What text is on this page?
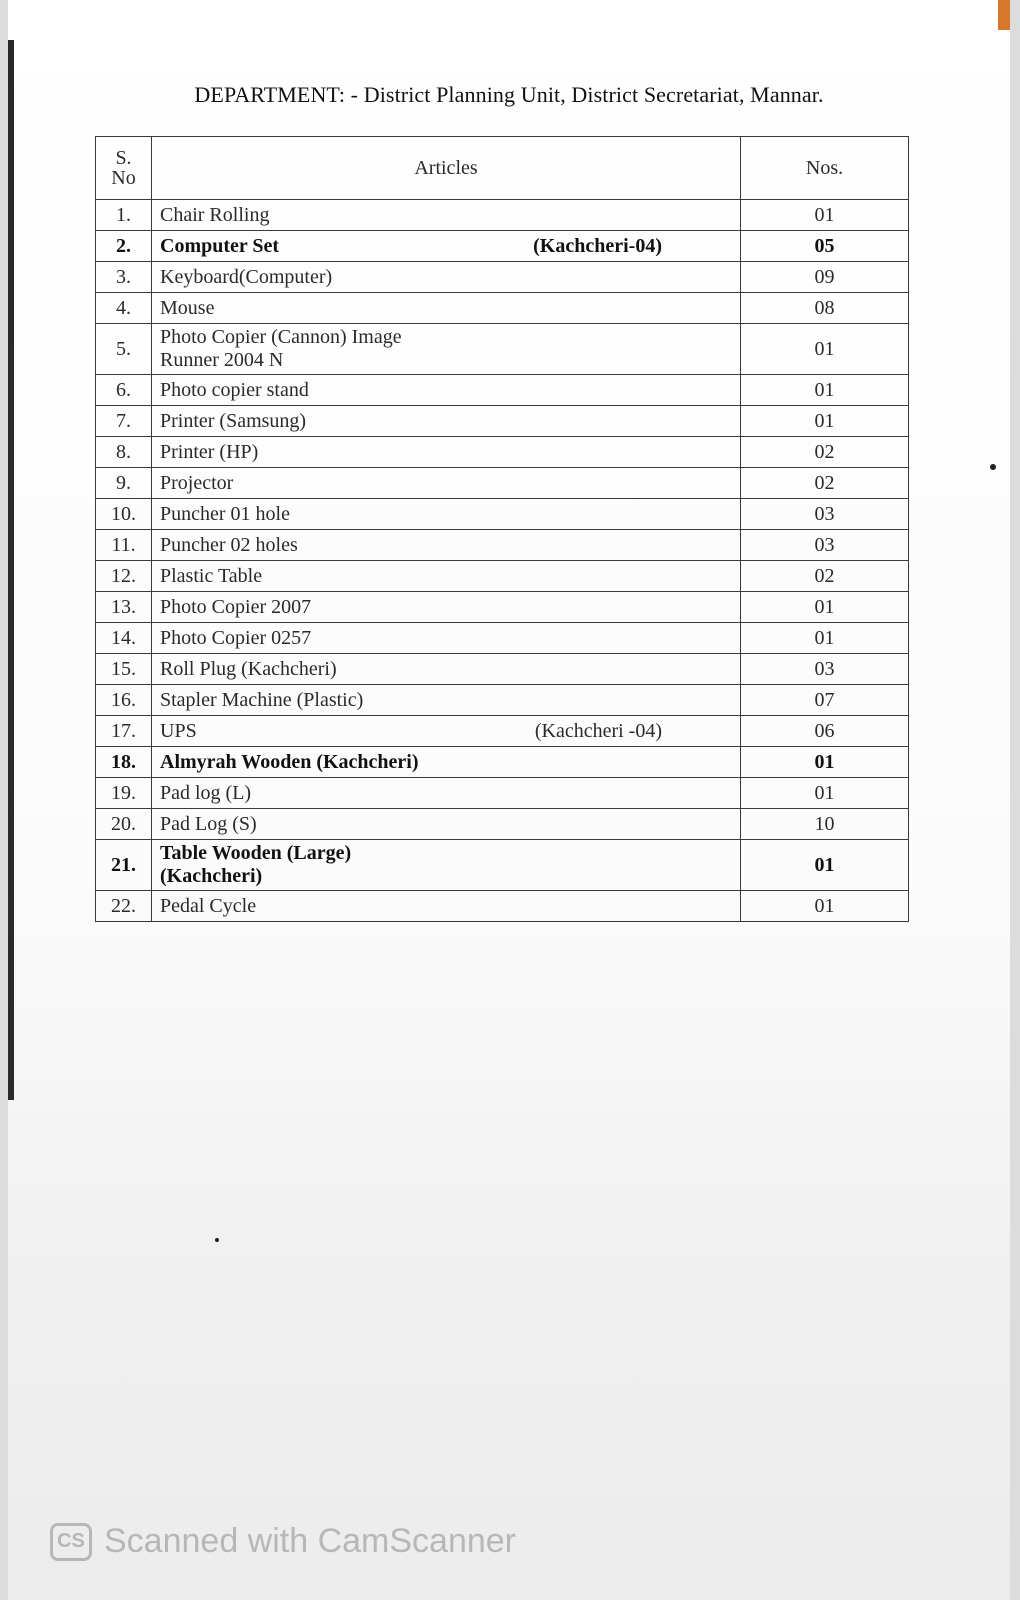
DEPARTMENT: - District Planning Unit, District Secretariat, Mannar.
S.
No	Articles	Nos.
1.	Chair Rolling	01
2.	Computer Set (Kachcheri-04)	05
3.	Keyboard(Computer)	09
4.	Mouse	08
5.	Photo Copier (Cannon) Image
Runner 2004 N	01
6.	Photo copier stand	01
7.	Printer (Samsung)	01
8.	Printer (HP)	02
9.	Projector	02
10.	Puncher 01 hole	03
11.	Puncher 02 holes	03
12.	Plastic Table	02
13.	Photo Copier 2007	01
14.	Photo Copier 0257	01
15.	Roll Plug (Kachcheri)	03
16.	Stapler Machine (Plastic)	07
17.	UPS (Kachcheri -04)	06
18.	Almyrah Wooden (Kachcheri)	01
19.	Pad log (L)	01
20.	Pad Log (S)	10
21.	Table Wooden (Large)
(Kachcheri)	01
22.	Pedal Cycle	01
CS Scanned with CamScanner
